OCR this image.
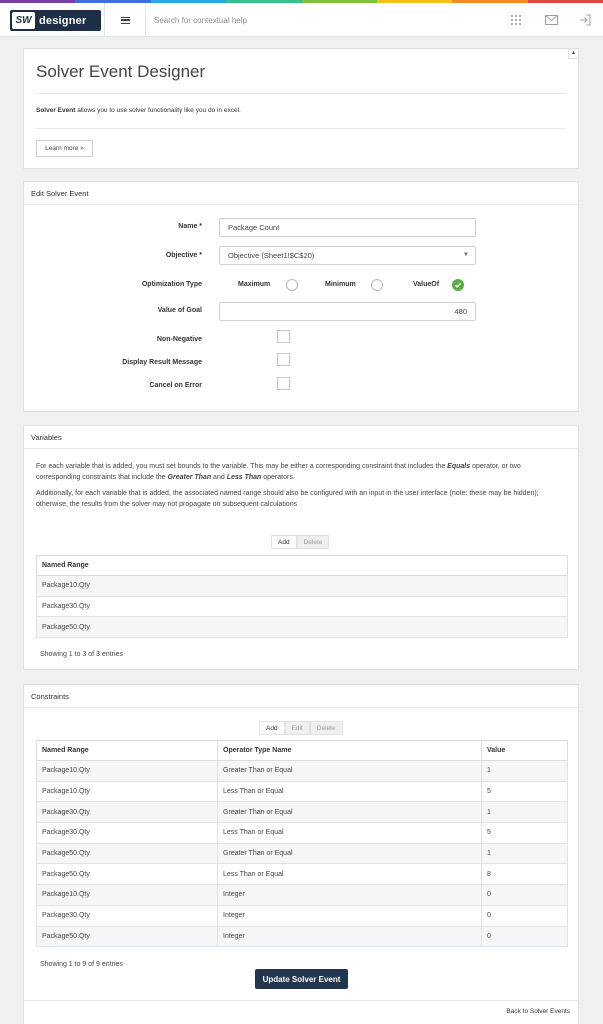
SW designer
Search for contextual help
▴
Solver Event Designer
Solver Event allows you to use solver functionality like you do in excel.
Learn more »
Edit Solver Event
Name *	Package Count
Objective *	Objective (Sheet1!$C$20)	▼
Optimization Type	Maximum	Minimum	ValueOf
Value of Goal	480
Non-Negative
Display Result Message
Cancel on Error
Variables
For each variable that is added, you must set bounds to the variable. This may be either a corresponding constraint that includes the Equals operator, or two corresponding constraints that include the Greater Than and Less Than operators.
Additionally, for each variable that is added, the associated named range should also be configured with an input in the user interface (note: these may be hidden); otherwise, the results from the solver may not propagate on subsequent calculations
Add	Delete
Named Range
Package10.Qty
Package30.Qty
Package50.Qty
Showing 1 to 3 of 3 entries
Constraints
Add	Edit	Delete
Named Range	Operator Type Name	Value
Package10.Qty	Greater Than or Equal	1
Package10.Qty	Less Than or Equal	5
Package30.Qty	Greater Than or Equal	1
Package30.Qty	Less Than or Equal	5
Package50.Qty	Greater Than or Equal	1
Package50.Qty	Less Than or Equal	8
Package10.Qty	Integer	0
Package30.Qty	Integer	0
Package50.Qty	Integer	0
Showing 1 to 9 of 9 entries
Update Solver Event
Back to Solver Events
